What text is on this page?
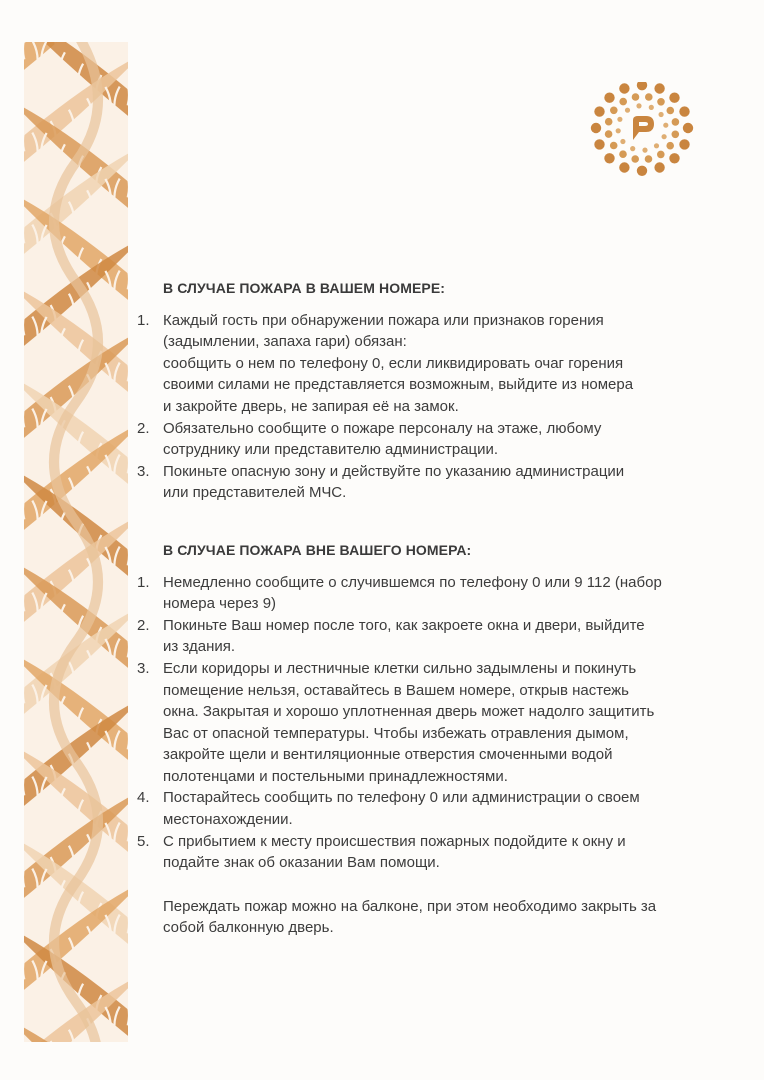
В СЛУЧАЕ ПОЖАРА В ВАШЕМ НОМЕРЕ:
1. Каждый гость при обнаружении пожара или признаков горения
(задымлении, запаха гари) обязан:
сообщить о нем по телефону 0, если ликвидировать очаг горения
своими силами не представляется возможным, выйдите из номера
и закройте дверь, не запирая её на замок.
2. Обязательно сообщите о пожаре персоналу на этаже, любому
сотруднику или представителю администрации.
3. Покиньте опасную зону и действуйте по указанию администрации
или представителей МЧС.
В СЛУЧАЕ ПОЖАРА ВНЕ ВАШЕГО НОМЕРА:
1. Немедленно сообщите о случившемся по телефону 0 или 9 112 (набор
номера через 9)
2. Покиньте Ваш номер после того, как закроете окна и двери, выйдите
из здания.
3. Если коридоры и лестничные клетки сильно задымлены и покинуть
помещение нельзя, оставайтесь в Вашем номере, открыв настежь
окна. Закрытая и хорошо уплотненная дверь может надолго защитить
Вас от опасной температуры. Чтобы избежать отравления дымом,
закройте щели и вентиляционные отверстия смоченными водой
полотенцами и постельными принадлежностями.
4. Постарайтесь сообщить по телефону 0 или администрации о своем
местонахождении.
5. С прибытием к месту происшествия пожарных подойдите к окну и
подайте знак об оказании Вам помощи.
Переждать пожар можно на балконе, при этом необходимо закрыть за
собой балконную дверь.
